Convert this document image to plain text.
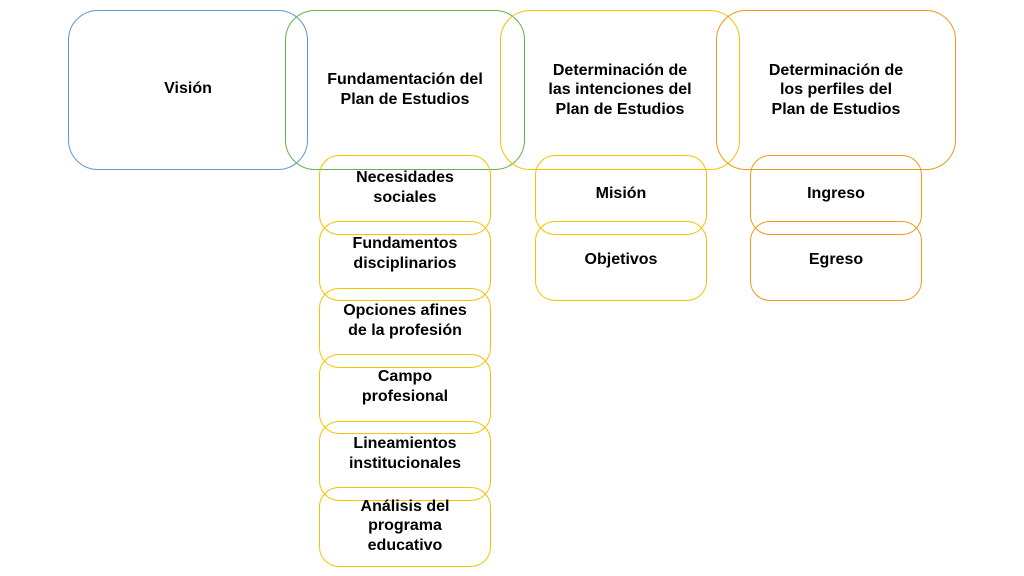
Visión
Fundamentación del
Plan de Estudios
Determinación de
las intenciones del
Plan de Estudios
Determinación de
los perfiles del
Plan de Estudios
Necesidades
sociales
Fundamentos
disciplinarios
Opciones afines
de la profesión
Campo
profesional
Lineamientos
institucionales
Análisis del
programa
educativo
Misión
Objetivos
Ingreso
Egreso
